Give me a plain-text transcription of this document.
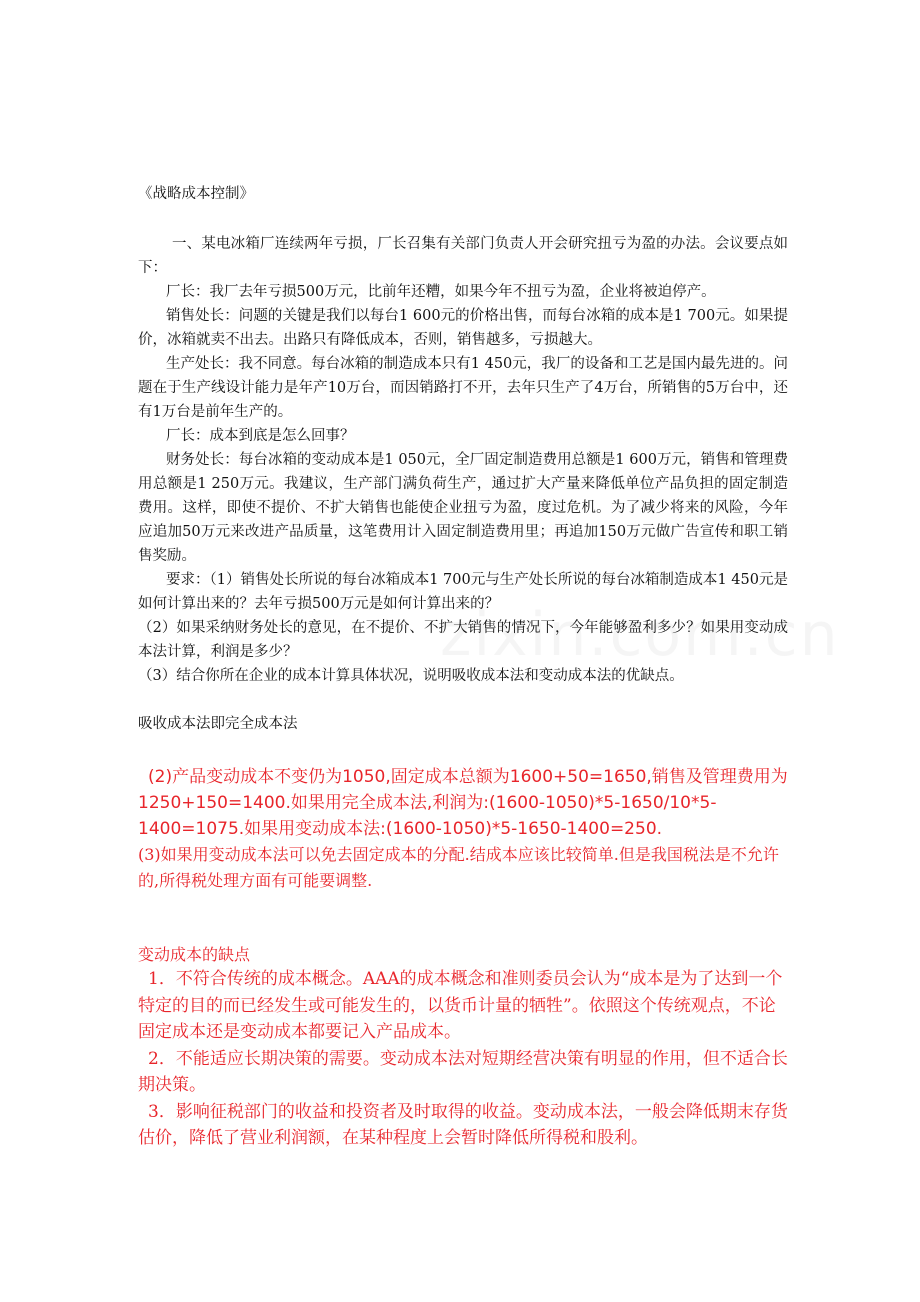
《战略成本控制》

一、某电冰箱厂连续两年亏损，厂长召集有关部门负责人开会研究扭亏为盈的办法。会议要点如下：

厂长：我厂去年亏损500万元，比前年还糟，如果今年不扭亏为盈，企业将被迫停产。

销售处长：问题的关键是我们以每台1 600元的价格出售，而每台冰箱的成本是1 700元。如果提价，冰箱就卖不出去。出路只有降低成本，否则，销售越多，亏损越大。

生产处长：我不同意。每台冰箱的制造成本只有1 450元，我厂的设备和工艺是国内最先进的。问题在于生产线设计能力是年产10万台，而因销路打不开，去年只生产了4万台，所销售的5万台中，还有1万台是前年生产的。

厂长：成本到底是怎么回事？

财务处长：每台冰箱的变动成本是1 050元，全厂固定制造费用总额是1 600万元，销售和管理费用总额是1 250万元。我建议，生产部门满负荷生产，通过扩大产量来降低单位产品负担的固定制造费用。这样，即使不提价、不扩大销售也能使企业扭亏为盈，度过危机。为了减少将来的风险，今年应追加50万元来改进产品质量，这笔费用计入固定制造费用里；再追加150万元做广告宣传和职工销售奖励。

要求：（1）销售处长所说的每台冰箱成本1 700元与生产处长所说的每台冰箱制造成本1 450元是如何计算出来的？去年亏损500万元是如何计算出来的？

（2）如果采纳财务处长的意见，在不提价、不扩大销售的情况下，今年能够盈利多少？如果用变动成本法计算，利润是多少？

（3）结合你所在企业的成本计算具体状况，说明吸收成本法和变动成本法的优缺点。

吸收成本法即完全成本法

(2)产品变动成本不变仍为1050,固定成本总额为1600+50=1650,销售及管理费用为1250+150=1400.如果用完全成本法,利润为:(1600-1050)*5-1650/10*5-1400=1075.如果用变动成本法:(1600-1050)*5-1650-1400=250.

(3)如果用变动成本法可以免去固定成本的分配.结成本应该比较简单.但是我国税法是不允许的,所得税处理方面有可能要调整.

变动成本的缺点

1．不符合传统的成本概念。AAA的成本概念和准则委员会认为“成本是为了达到一个特定的目的而已经发生或可能发生的，以货币计量的牺牲”。依照这个传统观点，不论固定成本还是变动成本都要记入产品成本。

2．不能适应长期决策的需要。变动成本法对短期经营决策有明显的作用，但不适合长期决策。

3．影响征税部门的收益和投资者及时取得的收益。变动成本法，一般会降低期末存货估价，降低了营业利润额，在某种程度上会暂时降低所得税和股利。
